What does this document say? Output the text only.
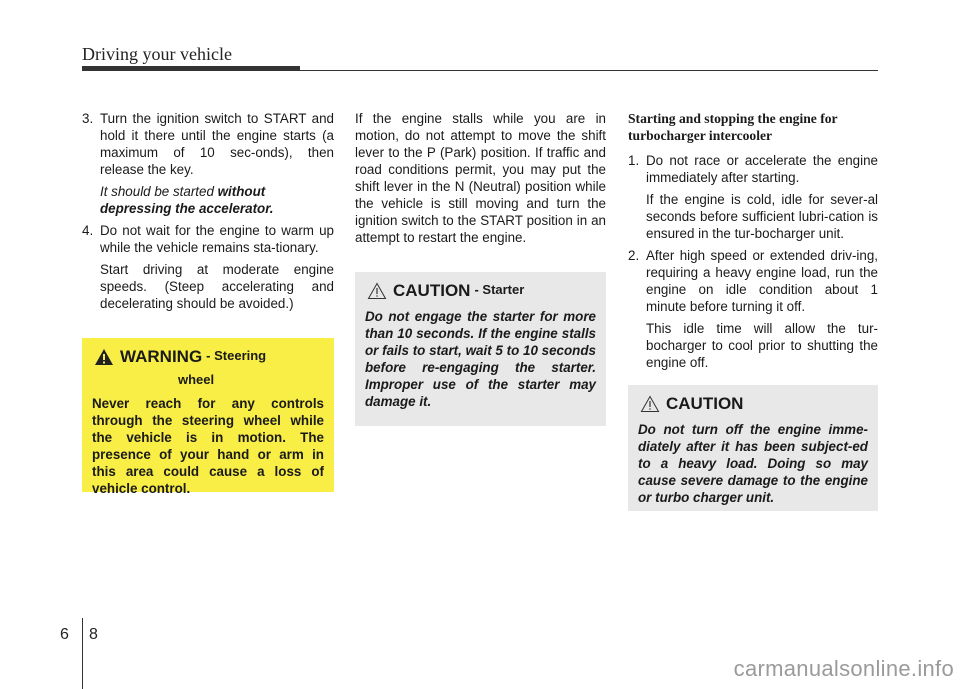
Driving your vehicle
3. Turn the ignition switch to START and hold it there until the engine starts (a maximum of 10 sec-onds), then release the key.

It should be started without depressing the accelerator.

4. Do not wait for the engine to warm up while the vehicle remains sta-tionary.

Start driving at moderate engine speeds. (Steep accelerating and decelerating should be avoided.)

WARNING - Steering
wheel

Never reach for any controls through the steering wheel while the vehicle is in motion. The presence of your hand or arm in this area could cause a loss of vehicle control.

If the engine stalls while you are in motion, do not attempt to move the shift lever to the P (Park) position. If traffic and road conditions permit, you may put the shift lever in the N (Neutral) position while the vehicle is still moving and turn the ignition switch to the START position in an attempt to restart the engine.

CAUTION - Starter

Do not engage the starter for more than 10 seconds. If the engine stalls or fails to start, wait 5 to 10 seconds before re-engaging the starter. Improper use of the starter may damage it.

Starting and stopping the engine for turbocharger intercooler

1. Do not race or accelerate the engine immediately after starting.

If the engine is cold, idle for sever-al seconds before sufficient lubri-cation is ensured in the tur-bocharger unit.

2. After high speed or extended driv-ing, requiring a heavy engine load, run the engine on idle condition about 1 minute before turning it off.

This idle time will allow the tur-bocharger to cool prior to shutting the engine off.

CAUTION

Do not turn off the engine imme-diately after it has been subject-ed to a heavy load. Doing so may cause severe damage to the engine or turbo charger unit.

6 8
carmanualsonline.info
